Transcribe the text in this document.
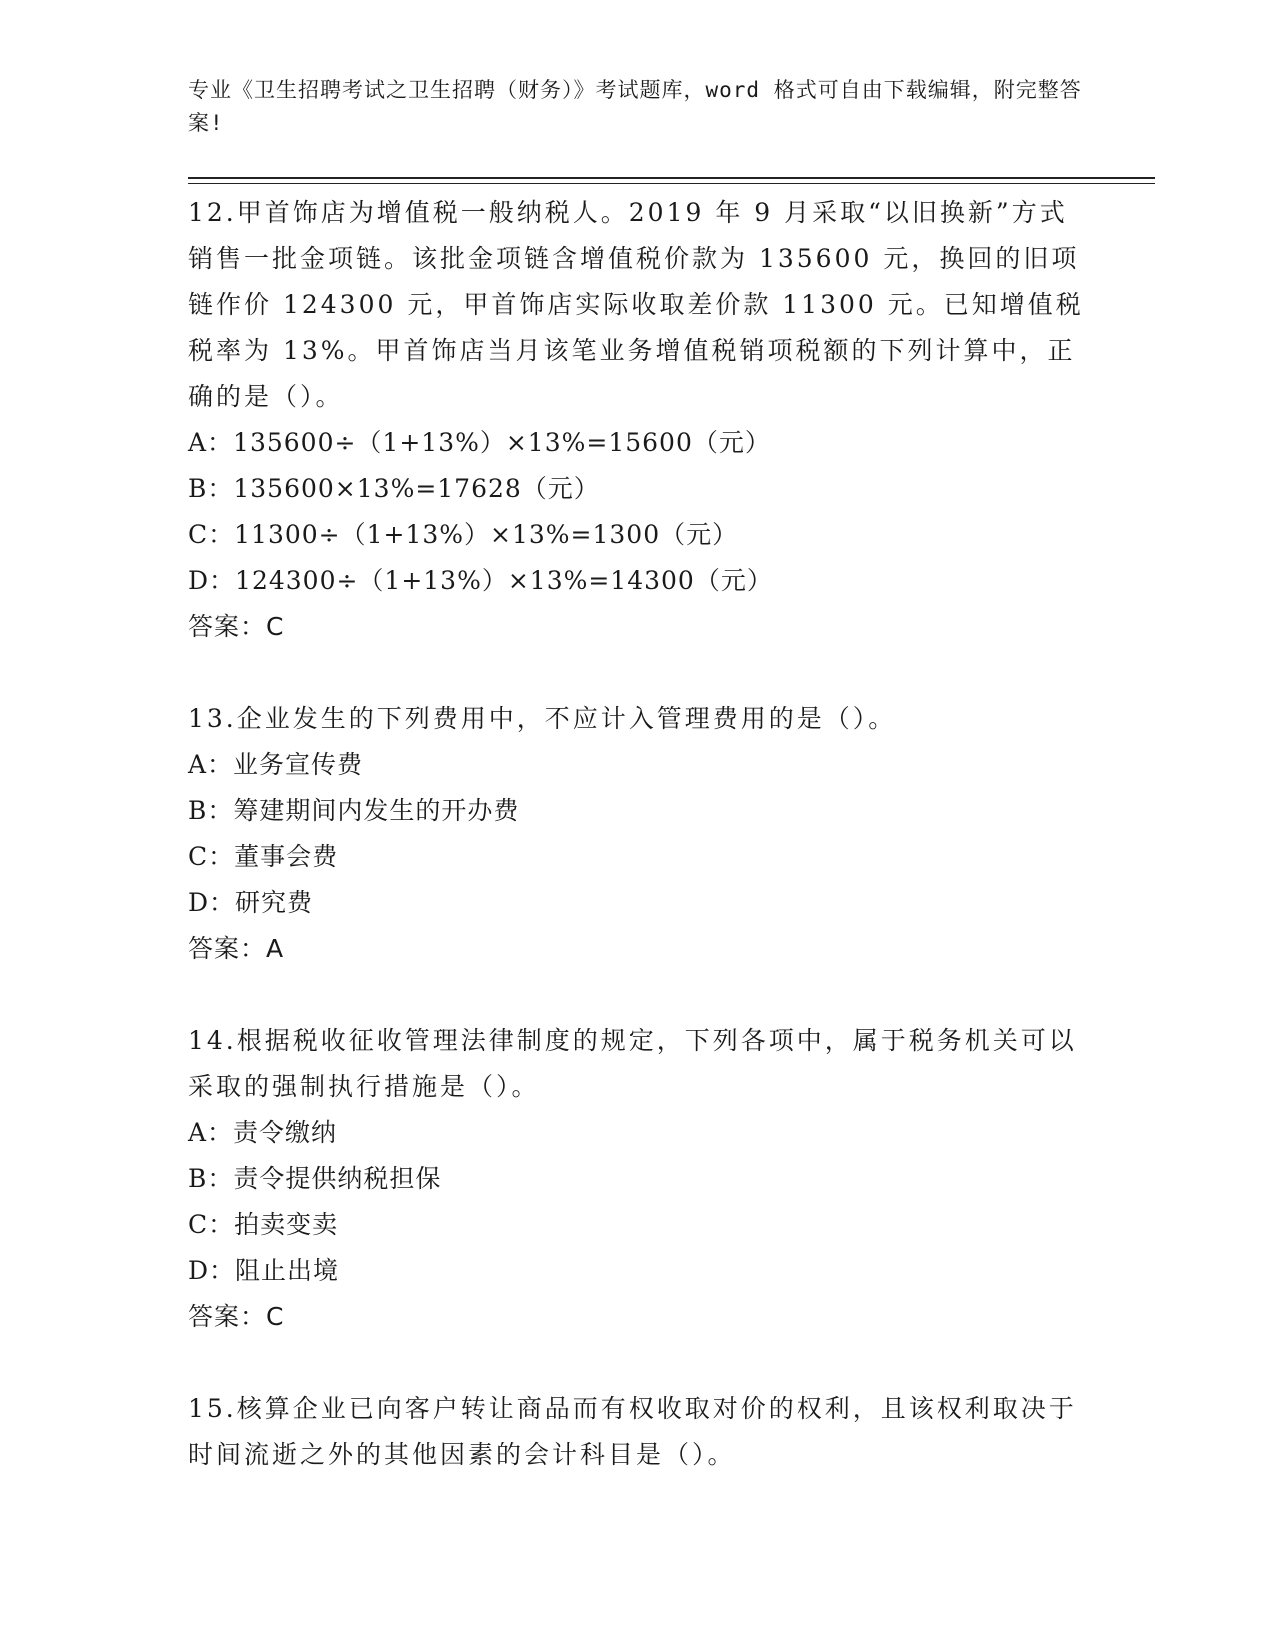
专业《卫生招聘考试之卫生招聘（财务）》考试题库，word 格式可自由下载编辑，附完整答案!

12.甲首饰店为增值税一般纳税人。2019 年 9 月采取“以旧换新”方式销售一批金项链。该批金项链含增值税价款为 135600 元，换回的旧项链作价 124300 元，甲首饰店实际收取差价款 11300 元。已知增值税税率为 13%。甲首饰店当月该笔业务增值税销项税额的下列计算中，正确的是（）。

A：135600÷（1+13%）×13%=15600（元）

B：135600×13%=17628（元）

C：11300÷（1+13%）×13%=1300（元）

D：124300÷（1+13%）×13%=14300（元）

答案：C

13.企业发生的下列费用中，不应计入管理费用的是（）。

A：业务宣传费

B：筹建期间内发生的开办费

C：董事会费

D：研究费

答案：A

14.根据税收征收管理法律制度的规定，下列各项中，属于税务机关可以采取的强制执行措施是（）。

A：责令缴纳

B：责令提供纳税担保

C：拍卖变卖

D：阻止出境

答案：C

15.核算企业已向客户转让商品而有权收取对价的权利，且该权利取决于时间流逝之外的其他因素的会计科目是（）。
